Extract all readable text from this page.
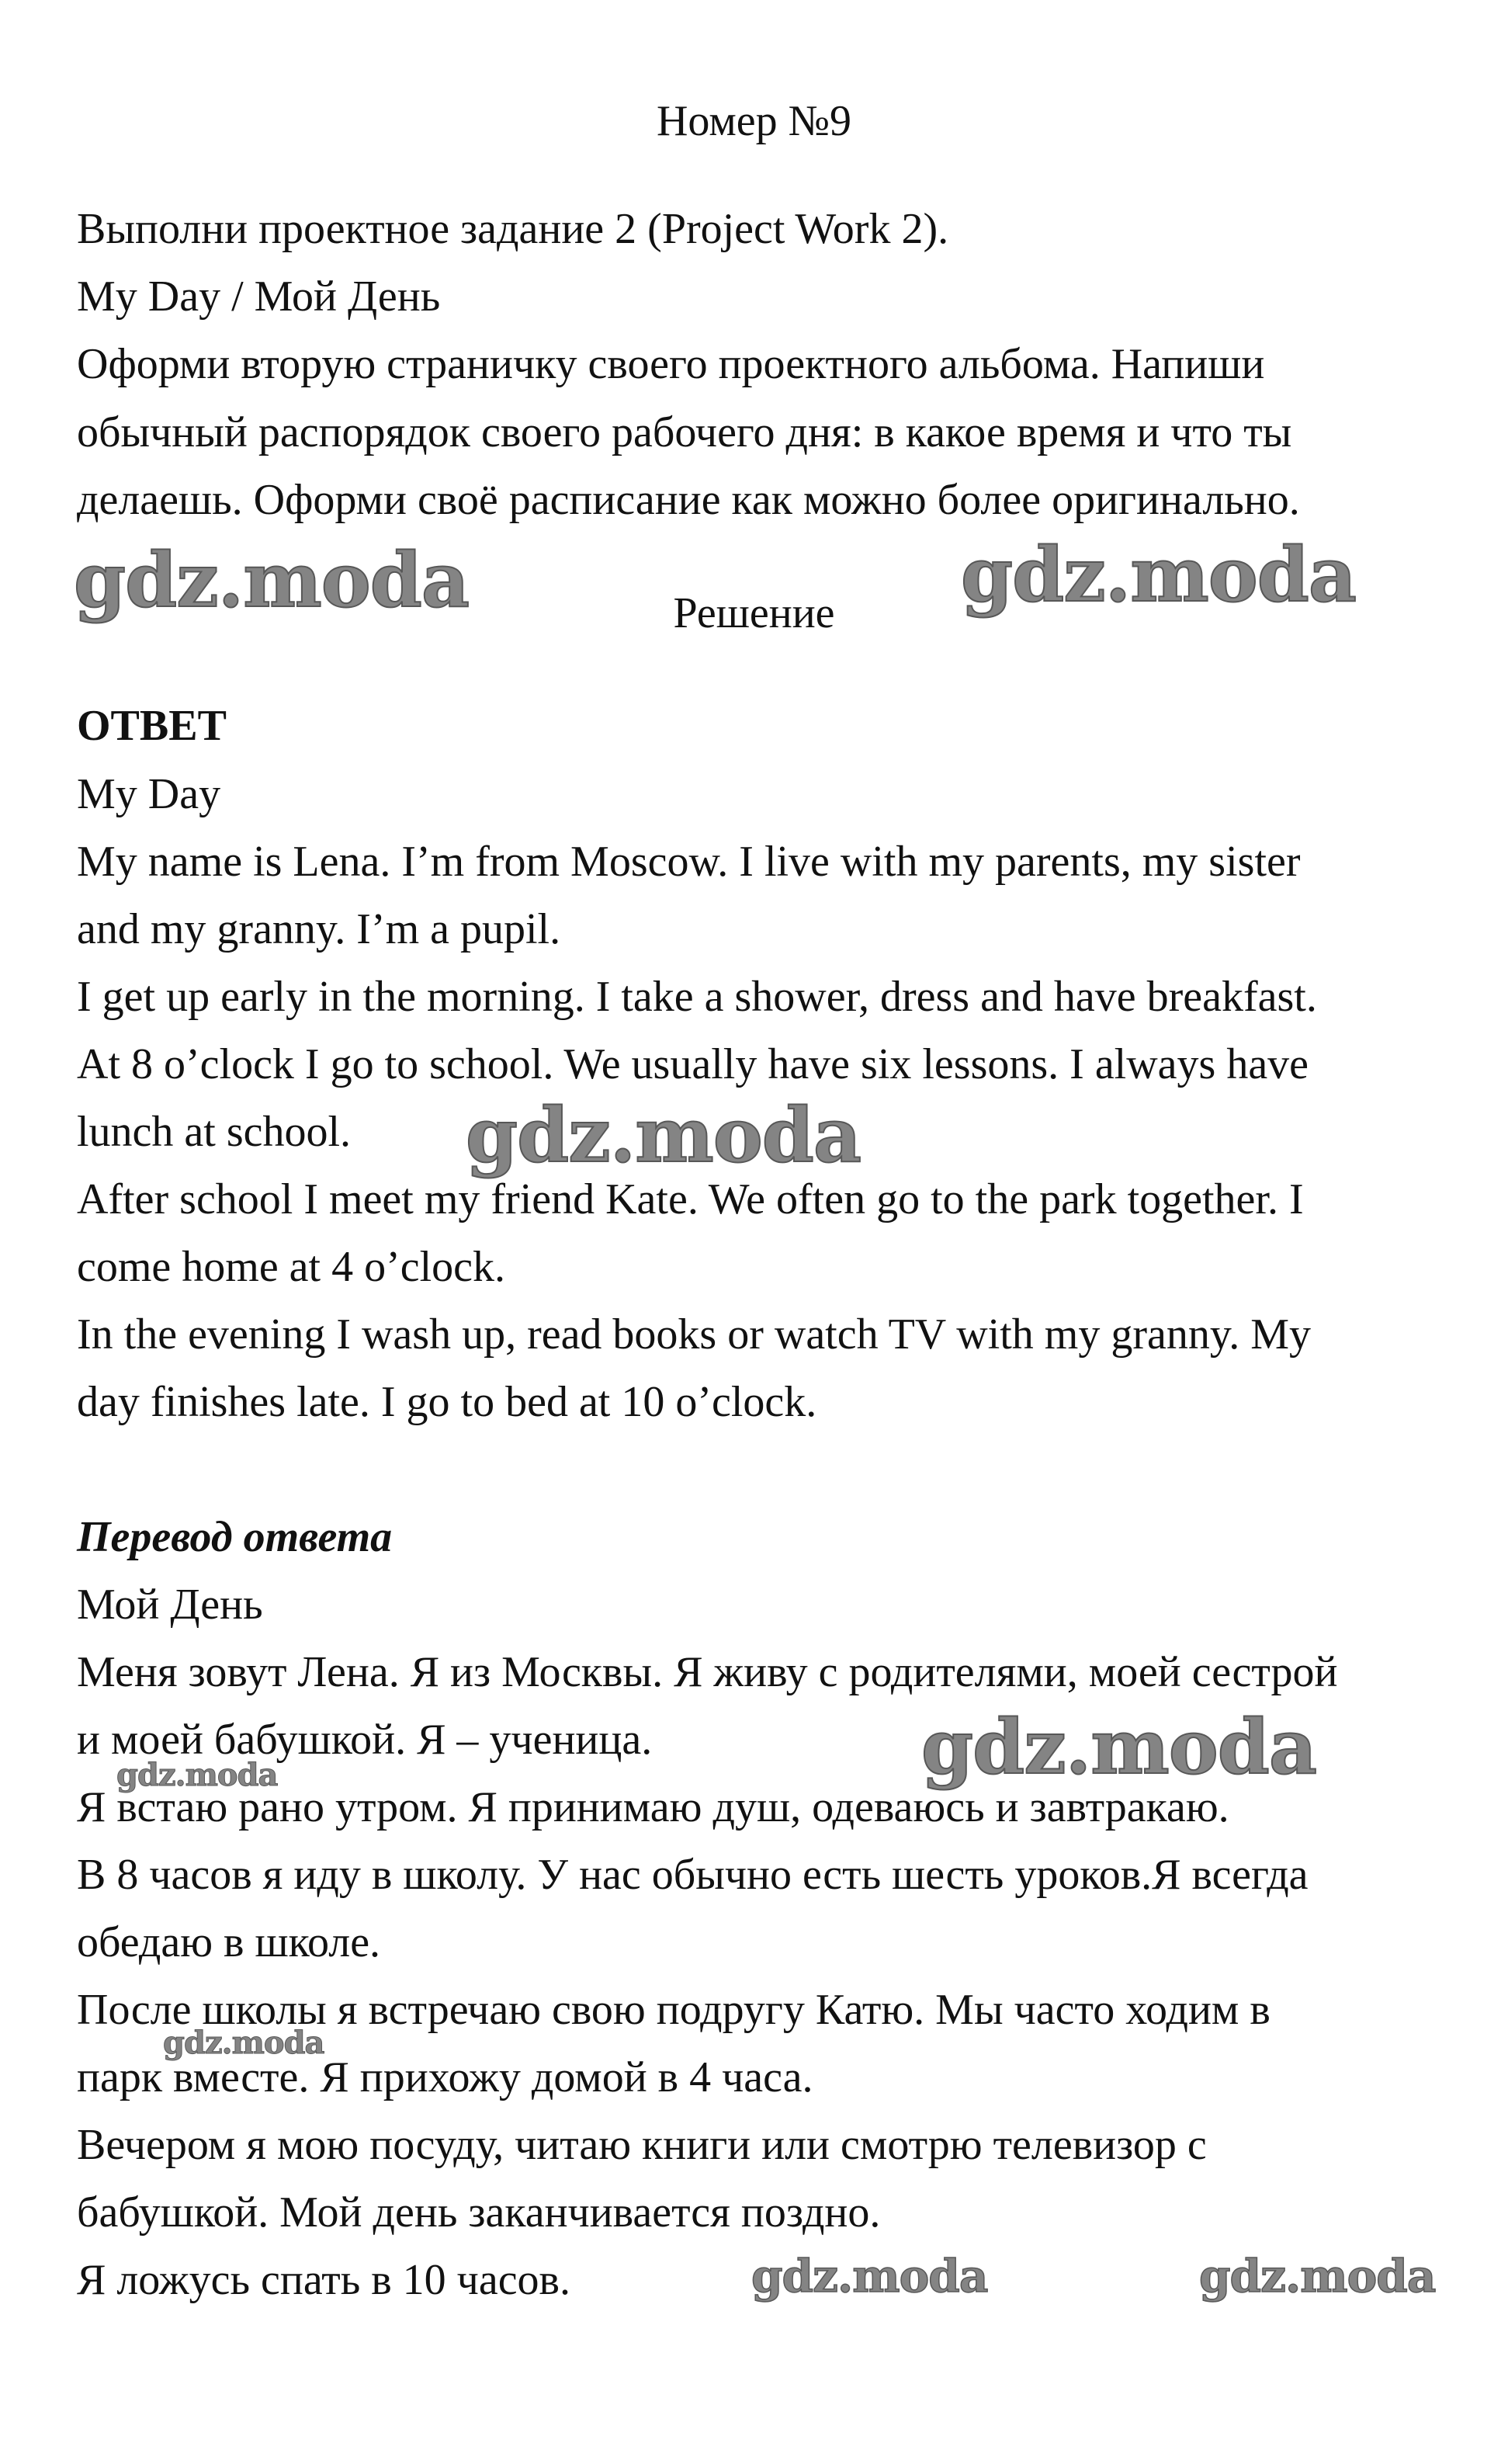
Номер №9
Выполни проектное задание 2 (Project Work 2).
My Day / Мой День
Оформи вторую страничку своего проектного альбома. Напиши
обычный распорядок своего рабочего дня: в какое время и что ты
делаешь. Оформи своё расписание как можно более оригинально.
Решение
ОТВЕТ
My Day
My name is Lena. I’m from Moscow. I live with my parents, my sister
and my granny. I’m a pupil.
I get up early in the morning. I take a shower, dress and have breakfast.
At 8 o’clock I go to school. We usually have six lessons. I always have
lunch at school.
After school I meet my friend Kate. We often go to the park together. I
come home at 4 o’clock.
In the evening I wash up, read books or watch TV with my granny. My
day finishes late. I go to bed at 10 o’clock.
Перевод ответа
Мой День
Меня зовут Лена. Я из Москвы. Я живу с родителями, моей сестрой
и моей бабушкой. Я – ученица.
Я встаю рано утром. Я принимаю душ, одеваюсь и завтракаю.
В 8 часов я иду в школу. У нас обычно есть шесть уроков.Я всегда
обедаю в школе.
После школы я встречаю свою подругу Катю. Мы часто ходим в
парк вместе. Я прихожу домой в 4 часа.
Вечером я мою посуду, читаю книги или смотрю телевизор с
бабушкой. Мой день заканчивается поздно.
Я ложусь спать в 10 часов.
gdz.moda	gdz.moda
gdz.moda
gdz.moda
gdz.moda
gdz.moda
gdz.moda	gdz.moda
